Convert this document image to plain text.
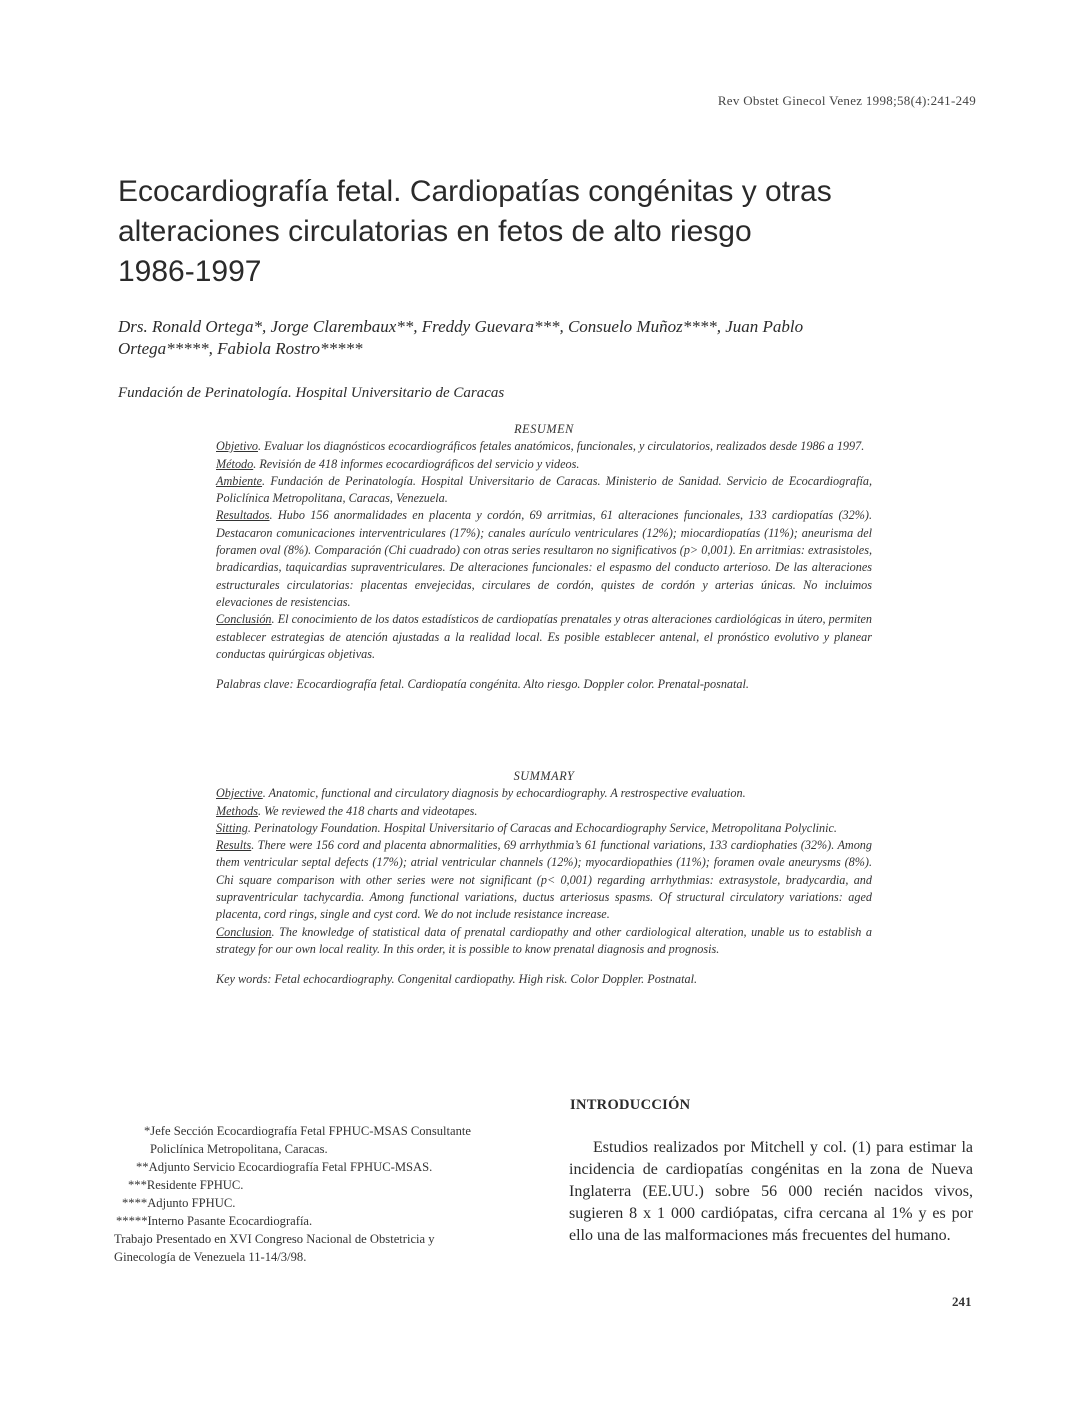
Rev Obstet Ginecol Venez 1998;58(4):241-249
Ecocardiografía fetal. Cardiopatías congénitas y otras
alteraciones circulatorias en fetos de alto riesgo
1986-1997
Drs. Ronald Ortega*, Jorge Clarembaux**, Freddy Guevara***, Consuelo Muñoz****, Juan Pablo
Ortega*****, Fabiola Rostro*****
Fundación de Perinatología. Hospital Universitario de Caracas

RESUMEN

Objetivo. Evaluar los diagnósticos ecocardiográficos fetales anatómicos, funcionales, y circulatorios, realizados desde 1986 a 1997.

Método. Revisión de 418 informes ecocardiográficos del servicio y videos.

Ambiente. Fundación de Perinatología. Hospital Universitario de Caracas. Ministerio de Sanidad. Servicio de Ecocardiografía, Policlínica Metropolitana, Caracas, Venezuela.

Resultados. Hubo 156 anormalidades en placenta y cordón, 69 arritmias, 61 alteraciones funcionales, 133 cardiopatías (32%). Destacaron comunicaciones interventriculares (17%); canales aurículo ventriculares (12%); miocardiopatías (11%); aneurisma del foramen oval (8%). Comparación (Chi cuadrado) con otras series resultaron no significativos (p> 0,001). En arritmias: extrasistoles, bradicardias, taquicardias supraventriculares. De alteraciones funcionales: el espasmo del conducto arterioso. De las alteraciones estructurales circulatorias: placentas envejecidas, circulares de cordón, quistes de cordón y arterias únicas. No incluimos elevaciones de resistencias.

Conclusión. El conocimiento de los datos estadísticos de cardiopatías prenatales y otras alteraciones cardiológicas in útero, permiten establecer estrategias de atención ajustadas a la realidad local. Es posible establecer antenal, el pronóstico evolutivo y planear conductas quirúrgicas objetivas.

Palabras clave: Ecocardiografía fetal. Cardiopatía congénita. Alto riesgo. Doppler color. Prenatal-posnatal.

SUMMARY

Objective. Anatomic, functional and circulatory diagnosis by echocardiography. A restrospective evaluation.

Methods. We reviewed the 418 charts and videotapes.

Sitting. Perinatology Foundation. Hospital Universitario of Caracas and Echocardiography Service, Metropolitana Polyclinic.

Results. There were 156 cord and placenta abnormalities, 69 arrhythmia’s 61 functional variations, 133 cardiophaties (32%). Among them ventricular septal defects (17%); atrial ventricular channels (12%); myocardiopathies (11%); foramen ovale aneurysms (8%). Chi square comparison with other series were not significant (p< 0,001) regarding arrhythmias: extrasystole, bradycardia, and supraventricular tachycardia. Among functional variations, ductus arteriosus spasms. Of structural circulatory variations: aged placenta, cord rings, single and cyst cord. We do not include resistance increase.

Conclusion. The knowledge of statistical data of prenatal cardiopathy and other cardiological alteration, unable us to establish a strategy for our own local reality. In this order, it is possible to know prenatal diagnosis and prognosis.

Key words: Fetal echocardiography. Congenital cardiopathy. High risk. Color Doppler. Postnatal.

*Jefe Sección Ecocardiografía Fetal FPHUC-MSAS Consultante
Policlínica Metropolitana, Caracas.
**Adjunto Servicio Ecocardiografía Fetal FPHUC-MSAS.
***Residente FPHUC.
****Adjunto FPHUC.
*****Interno Pasante Ecocardiografía.
Trabajo Presentado en XVI Congreso Nacional de Obstetricia y
Ginecología de Venezuela 11-14/3/98.
INTRODUCCIÓN

Estudios realizados por Mitchell y col. (1) para estimar la incidencia de cardiopatías congénitas en la zona de Nueva Inglaterra (EE.UU.) sobre 56 000 recién nacidos vivos, sugieren 8 x 1 000 cardiópatas, cifra cercana al 1% y es por ello una de las malformaciones más frecuentes del humano.

241
